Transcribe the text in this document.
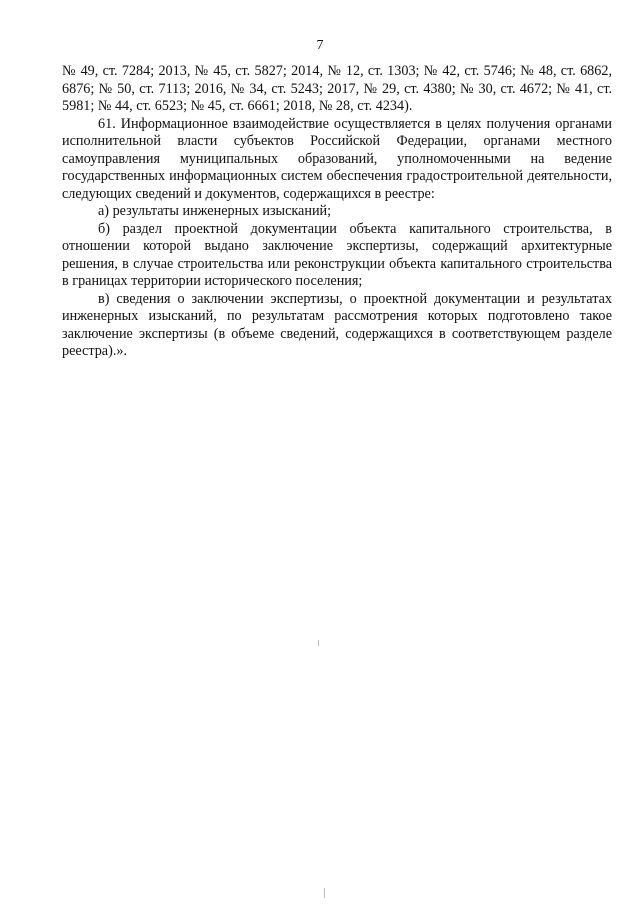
7

№ 49, ст. 7284; 2013, № 45, ст. 5827; 2014, № 12, ст. 1303; № 42, ст. 5746; № 48, ст. 6862, 6876; № 50, ст. 7113; 2016, № 34, ст. 5243; 2017, № 29, ст. 4380; № 30, ст. 4672; № 41, ст. 5981; № 44, ст. 6523; № 45, ст. 6661; 2018, № 28, ст. 4234).

61. Информационное взаимодействие осуществляется в целях получения органами исполнительной власти субъектов Российской Федерации, органами местного самоуправления муниципальных образований, уполномоченными на ведение государственных информационных систем обеспечения градостроительной деятельности, следующих сведений и документов, содержащихся в реестре:

а) результаты инженерных изысканий;

б) раздел проектной документации объекта капитального строительства, в отношении которой выдано заключение экспертизы, содержащий архитектурные решения, в случае строительства или реконструкции объекта капитального строительства в границах территории исторического поселения;

в) сведения о заключении экспертизы, о проектной документации и результатах инженерных изысканий, по результатам рассмотрения которых подготовлено такое заключение экспертизы (в объеме сведений, содержащихся в соответствующем разделе реестра).».
